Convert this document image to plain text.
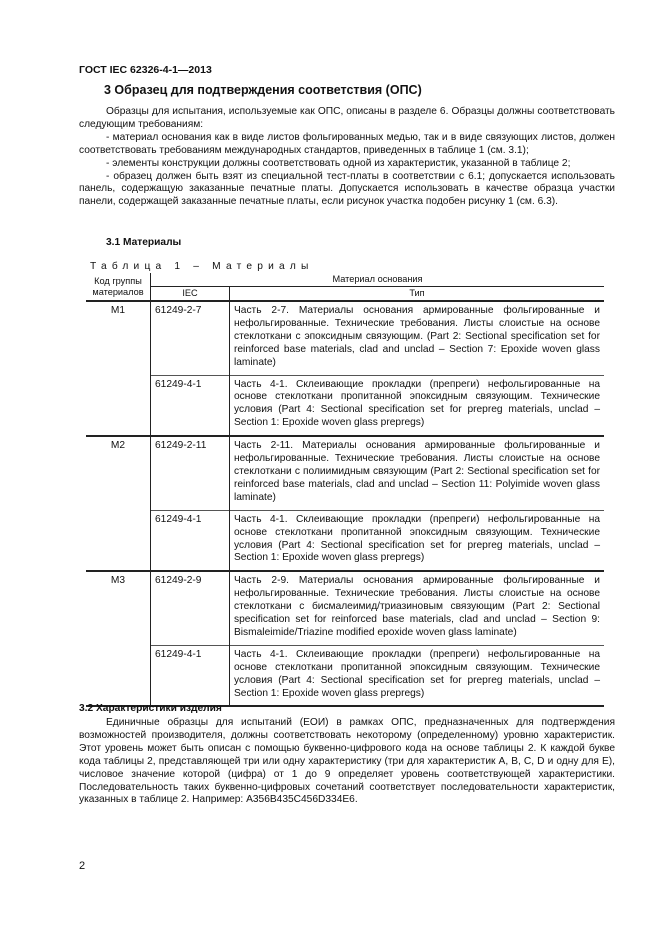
ГОСТ IEC 62326-4-1—2013
3 Образец для подтверждения соответствия (ОПС)

Образцы для испытания, используемые как ОПС, описаны в разделе 6. Образцы должны соответствовать следующим требованиям:

- материал основания как в виде листов фольгированных медью, так и в виде связующих листов, должен соответствовать требованиям международных стандартов, приведенных в таблице 1 (см. 3.1);

- элементы конструкции должны соответствовать одной из характеристик, указанной в таблице 2;

- образец должен быть взят из специальной тест-платы в соответствии с 6.1; допускается использовать панель, содержащую заказанные печатные платы. Допускается использовать в качестве образца участки панели, содержащей заказанные печатные платы, если рисунок участка подобен рисунку 1 (см. 6.3).

3.1 Материалы
Таблица 1 – Материалы
Код группы материалов	Материал основания	
	IEC	Тип
M1	61249-2-7	Часть 2-7. Материалы основания армированные фольгированные и нефольгированные. Технические требования. Листы слоистые на основе стеклоткани с эпоксидным связующим. (Part 2: Sectional specification set for reinforced base materials, clad and unclad – Section 7: Epoxide woven glass laminate)
	61249-4-1	Часть 4-1. Склеивающие прокладки (препреги) нефольгированные на основе стеклоткани пропитанной эпоксидным связующим. Технические условия (Part 4: Sectional specification set for prepreg materials, unclad – Section 1: Epoxide woven glass prepregs)
M2	61249-2-11	Часть 2-11. Материалы основания армированные фольгированные и нефольгированные. Технические требования. Листы слоистые на основе стеклоткани с полиимидным связующим (Part 2: Sectional specification set for reinforced base materials, clad and unclad – Section 11: Polyimide woven glass laminate)
	61249-4-1	Часть 4-1. Склеивающие прокладки (препреги) нефольгированные на основе стеклоткани пропитанной эпоксидным связующим. Технические условия (Part 4: Sectional specification set for prepreg materials, unclad – Section 1: Epoxide woven glass prepregs)
M3	61249-2-9	Часть 2-9. Материалы основания армированные фольгированные и нефольгированные. Технические требования. Листы слоистые на основе стеклоткани с бисмалеимид/триазиновым связующим (Part 2: Sectional specification set for reinforced base materials, clad and unclad – Section 9: Bismaleimide/Triazine modified epoxide woven glass laminate)
	61249-4-1	Часть 4-1. Склеивающие прокладки (препреги) нефольгированные на основе стеклоткани пропитанной эпоксидным связующим. Технические условия (Part 4: Sectional specification set for prepreg materials, unclad – Section 1: Epoxide woven glass prepregs)
3.2 Характеристики изделия

Единичные образцы для испытаний (ЕОИ) в рамках ОПС, предназначенных для подтверждения возможностей производителя, должны соответствовать некоторому (определенному) уровню характеристик. Этот уровень может быть описан с помощью буквенно-цифрового кода на основе таблицы 2. К каждой букве кода таблицы 2, представляющей три или одну характеристику (три для характеристик A, B, C, D и одну для E), числовое значение которой (цифра) от 1 до 9 определяет уровень соответствующей характеристики. Последовательность таких буквенно-цифровых сочетаний соответствует последовательности характеристик, указанных в таблице 2. Например: A356B435C456D334E6.

2
